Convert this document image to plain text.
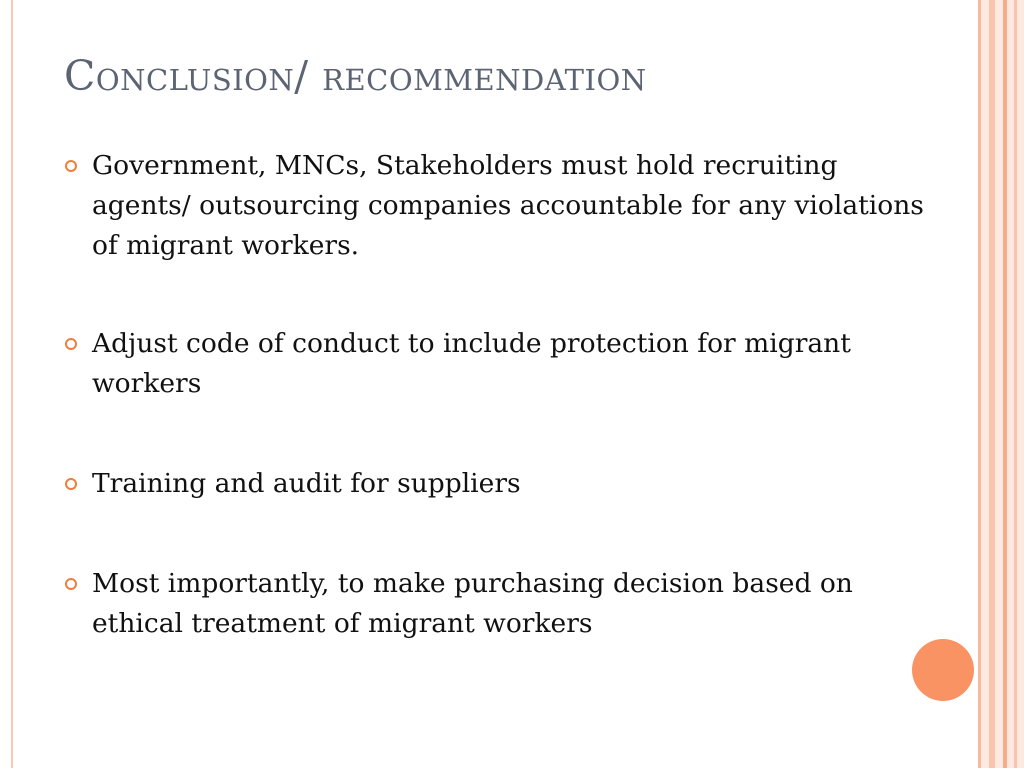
Conclusion/ recommendation
Government, MNCs, Stakeholders must hold recruiting agents/ outsourcing companies accountable for any violations of migrant workers.
Adjust code of conduct to include protection for migrant workers
Training and audit for suppliers
Most importantly, to make purchasing decision based on ethical treatment of migrant workers
